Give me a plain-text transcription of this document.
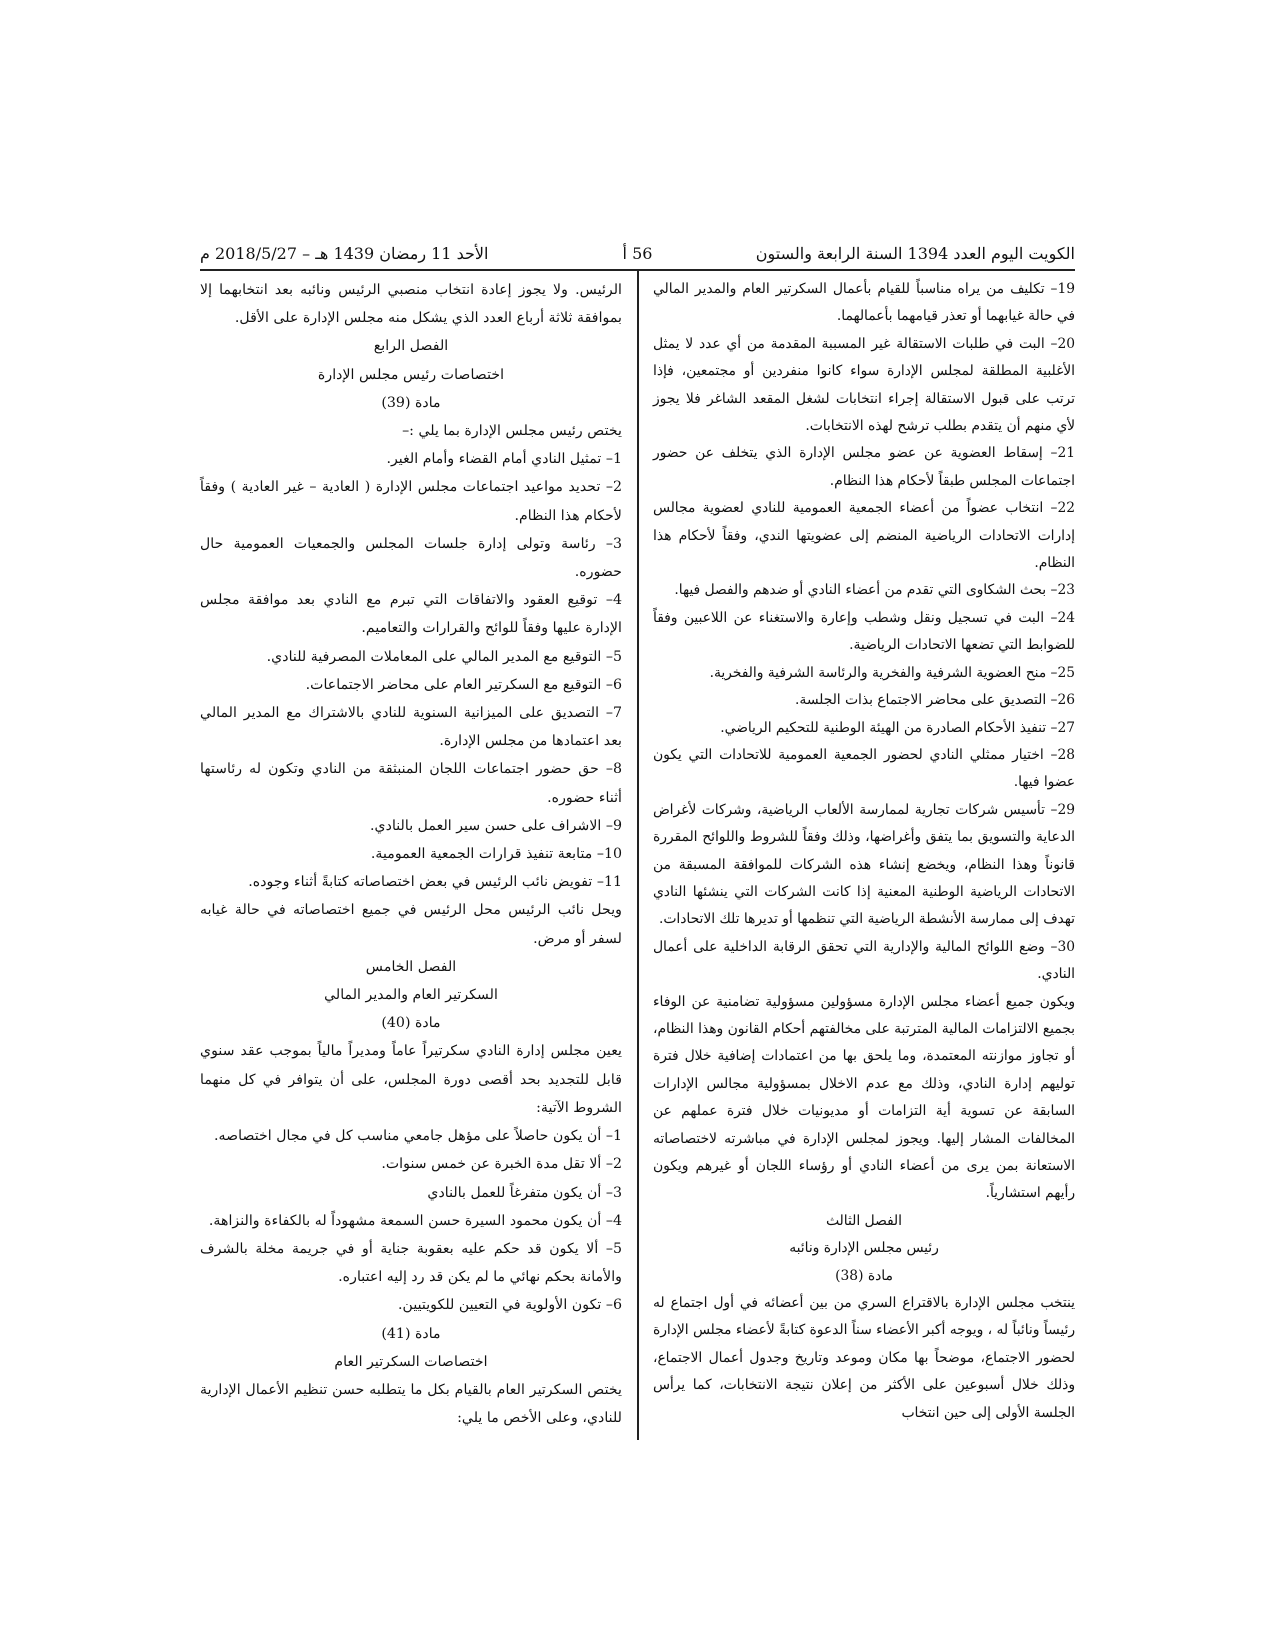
الكويت اليوم العدد 1394 السنة الرابعة والستون
56 أ
الأحد 11 رمضان 1439 هـ – 2018/5/27 م

19– تكليف من يراه مناسباً للقيام بأعمال السكرتير العام والمدير المالي في حالة غيابهما أو تعذر قيامهما بأعمالهما.

20– البت في طلبات الاستقالة غير المسببة المقدمة من أي عدد لا يمثل الأغلبية المطلقة لمجلس الإدارة سواء كانوا منفردين أو مجتمعين، فإذا ترتب على قبول الاستقالة إجراء انتخابات لشغل المقعد الشاغر فلا يجوز لأي منهم أن يتقدم بطلب ترشح لهذه الانتخابات.

21– إسقاط العضوية عن عضو مجلس الإدارة الذي يتخلف عن حضور اجتماعات المجلس طبقاً لأحكام هذا النظام.

22– انتخاب عضواً من أعضاء الجمعية العمومية للنادي لعضوية مجالس إدارات الاتحادات الرياضية المنضم إلى عضويتها الندي، وفقاً لأحكام هذا النظام.

23– بحث الشكاوى التي تقدم من أعضاء النادي أو ضدهم والفصل فيها.

24– البت في تسجيل ونقل وشطب وإعارة والاستغناء عن اللاعبين وفقاً للضوابط التي تضعها الاتحادات الرياضية.

25– منح العضوية الشرفية والفخرية والرئاسة الشرفية والفخرية.

26– التصديق على محاضر الاجتماع بذات الجلسة.

27– تنفيذ الأحكام الصادرة من الهيئة الوطنية للتحكيم الرياضي.

28– اختيار ممثلي النادي لحضور الجمعية العمومية للاتحادات التي يكون عضوا فيها.

29– تأسيس شركات تجارية لممارسة الألعاب الرياضية، وشركات لأغراض الدعاية والتسويق بما يتفق وأغراضها، وذلك وفقاً للشروط واللوائح المقررة قانوناً وهذا النظام، ويخضع إنشاء هذه الشركات للموافقة المسبقة من الاتحادات الرياضية الوطنية المعنية إذا كانت الشركات التي ينشئها النادي تهدف إلى ممارسة الأنشطة الرياضية التي تنظمها أو تديرها تلك الاتحادات.

30– وضع اللوائح المالية والإدارية التي تحقق الرقابة الداخلية على أعمال النادي.

ويكون جميع أعضاء مجلس الإدارة مسؤولين مسؤولية تضامنية عن الوفاء بجميع الالتزامات المالية المترتبة على مخالفتهم أحكام القانون وهذا النظام، أو تجاوز موازنته المعتمدة، وما يلحق بها من اعتمادات إضافية خلال فترة توليهم إدارة النادي، وذلك مع عدم الاخلال بمسؤولية مجالس الإدارات السابقة عن تسوية أية التزامات أو مديونيات خلال فترة عملهم عن المخالفات المشار إليها. ويجوز لمجلس الإدارة في مباشرته لاختصاصاته الاستعانة بمن يرى من أعضاء النادي أو رؤساء اللجان أو غيرهم ويكون رأيهم استشارياً.

الفصل الثالث

رئيس مجلس الإدارة ونائبه

مادة (38)

ينتخب مجلس الإدارة بالاقتراع السري من بين أعضائه في أول اجتماع له رئيساً ونائباً له ، ويوجه أكبر الأعضاء سناً الدعوة كتابةً لأعضاء مجلس الإدارة لحضور الاجتماع، موضحاً بها مكان وموعد وتاريخ وجدول أعمال الاجتماع، وذلك خلال أسبوعين على الأكثر من إعلان نتيجة الانتخابات، كما يرأس الجلسة الأولى إلى حين انتخاب

الرئيس. ولا يجوز إعادة انتخاب منصبي الرئيس ونائبه بعد انتخابهما إلا بموافقة ثلاثة أرباع العدد الذي يشكل منه مجلس الإدارة على الأقل.

الفصل الرابع

اختصاصات رئيس مجلس الإدارة

مادة (39)

يختص رئيس مجلس الإدارة بما يلي :–

1– تمثيل النادي أمام القضاء وأمام الغير.

2– تحديد مواعيد اجتماعات مجلس الإدارة ( العادية – غير العادية ) وفقاً لأحكام هذا النظام.

3– رئاسة وتولى إدارة جلسات المجلس والجمعيات العمومية حال حضوره.

4– توقيع العقود والاتفاقات التي تبرم مع النادي بعد موافقة مجلس الإدارة عليها وفقاً للوائح والقرارات والتعاميم.

5– التوقيع مع المدير المالي على المعاملات المصرفية للنادي.

6– التوقيع مع السكرتير العام على محاضر الاجتماعات.

7– التصديق على الميزانية السنوية للنادي بالاشتراك مع المدير المالي بعد اعتمادها من مجلس الإدارة.

8– حق حضور اجتماعات اللجان المنبثقة من النادي وتكون له رئاستها أثناء حضوره.

9– الاشراف على حسن سير العمل بالنادي.

10– متابعة تنفيذ قرارات الجمعية العمومية.

11– تفويض نائب الرئيس في بعض اختصاصاته كتابةً أثناء وجوده.

ويحل نائب الرئيس محل الرئيس في جميع اختصاصاته في حالة غيابه لسفر أو مرض.

الفصل الخامس

السكرتير العام والمدير المالي

مادة (40)

يعين مجلس إدارة النادي سكرتيراً عاماً ومديراً مالياً بموجب عقد سنوي قابل للتجديد بحد أقصى دورة المجلس، على أن يتوافر في كل منهما الشروط الآتية:

1– أن يكون حاصلاً على مؤهل جامعي مناسب كل في مجال اختصاصه.

2– ألا تقل مدة الخبرة عن خمس سنوات.

3– أن يكون متفرغاً للعمل بالنادي

4– أن يكون محمود السيرة حسن السمعة مشهوداً له بالكفاءة والنزاهة.

5– ألا يكون قد حكم عليه بعقوبة جناية أو في جريمة مخلة بالشرف والأمانة بحكم نهائي ما لم يكن قد رد إليه اعتباره.

6– تكون الأولوية في التعيين للكويتيين.

مادة (41)

اختصاصات السكرتير العام

يختص السكرتير العام بالقيام بكل ما يتطلبه حسن تنظيم الأعمال الإدارية للنادي، وعلى الأخص ما يلي:
